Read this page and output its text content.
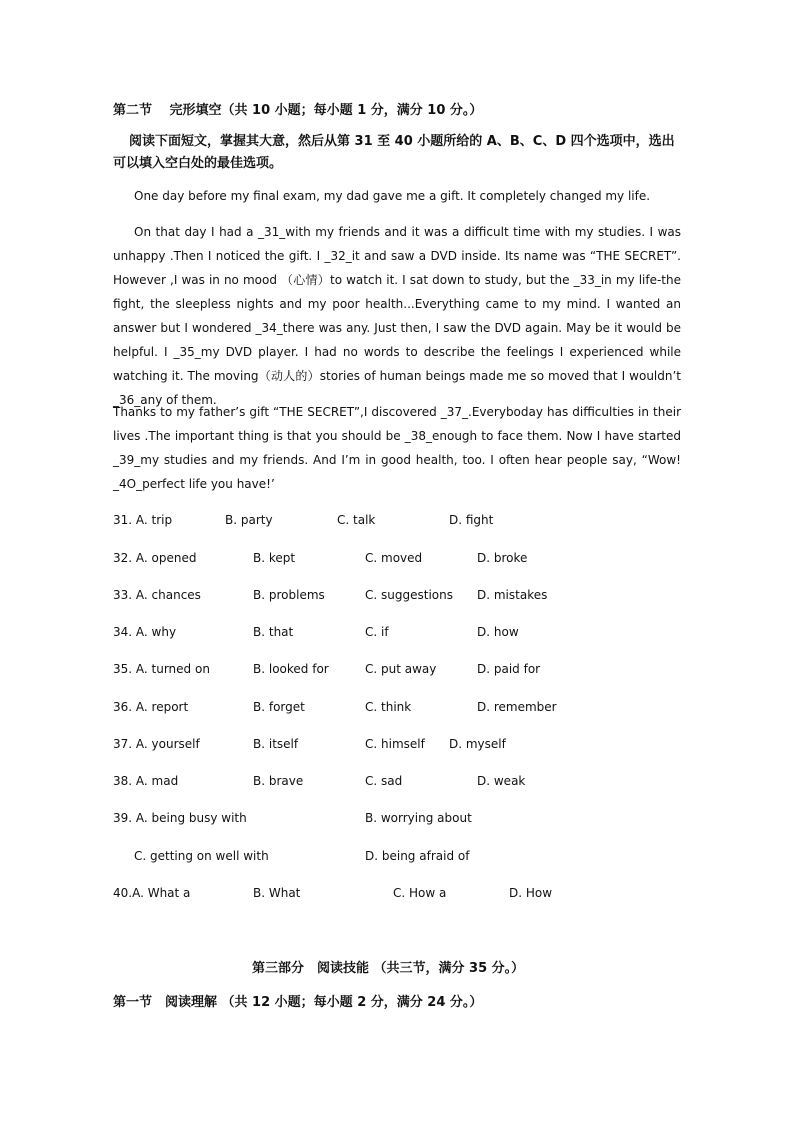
第二节　 完形填空（共 10 小题；每小题 1 分，满分 10 分。）
阅读下面短文，掌握其大意，然后从第 31 至 40 小题所给的 A、B、C、D 四个选项中，选出可以填入空白处的最佳选项。
One day before my final exam, my dad gave me a gift. It completely changed my life.
On that day I had a _31_with my friends and it was a difficult time with my studies. I was unhappy .Then I noticed the gift. I _32_it and saw a DVD inside. Its name was “THE SECRET”. However ,I was in no mood （心情）to watch it. I sat down to study, but the _33_in my life-the fight, the sleepless nights and my poor health...Everything came to my mind. I wanted an answer but I wondered _34_there was any. Just then, I saw the DVD again. May be it would be helpful. I _35_my DVD player. I had no words to describe the feelings I experienced while watching it. The moving（动人的）stories of human beings made me so moved that I wouldn’t _36_any of them.
Thanks to my father’s gift “THE SECRET”,I discovered _37_.Everyboday has difficulties in their lives .The important thing is that you should be _38_enough to face them. Now I have started _39_my studies and my friends. And I’m in good health, too. I often hear people say, “Wow! _4O_perfect life you have!’
31. A. trip	B. party	C. talk	D. fight
32. A. opened	B. kept	C. moved	D. broke
33. A. chances	B. problems	C. suggestions D. mistakes
34. A. why	B. that	C. if	D. how
35. A. turned on	B. looked for	C. put away	D. paid for
36. A. report	B. forget	C. think	D. remember
37. A. yourself	B. itself	C. himself D. myself
38. A. mad	B. brave	C. sad	D. weak
39. A. being busy with	B. worrying about
C. getting on well with	D. being afraid of
40.A. What a	B. What	C. How a	D. How
第三部分　阅读技能 （共三节，满分 35 分。）
第一节　阅读理解 （共 12 小题；每小题 2 分，满分 24 分。）
